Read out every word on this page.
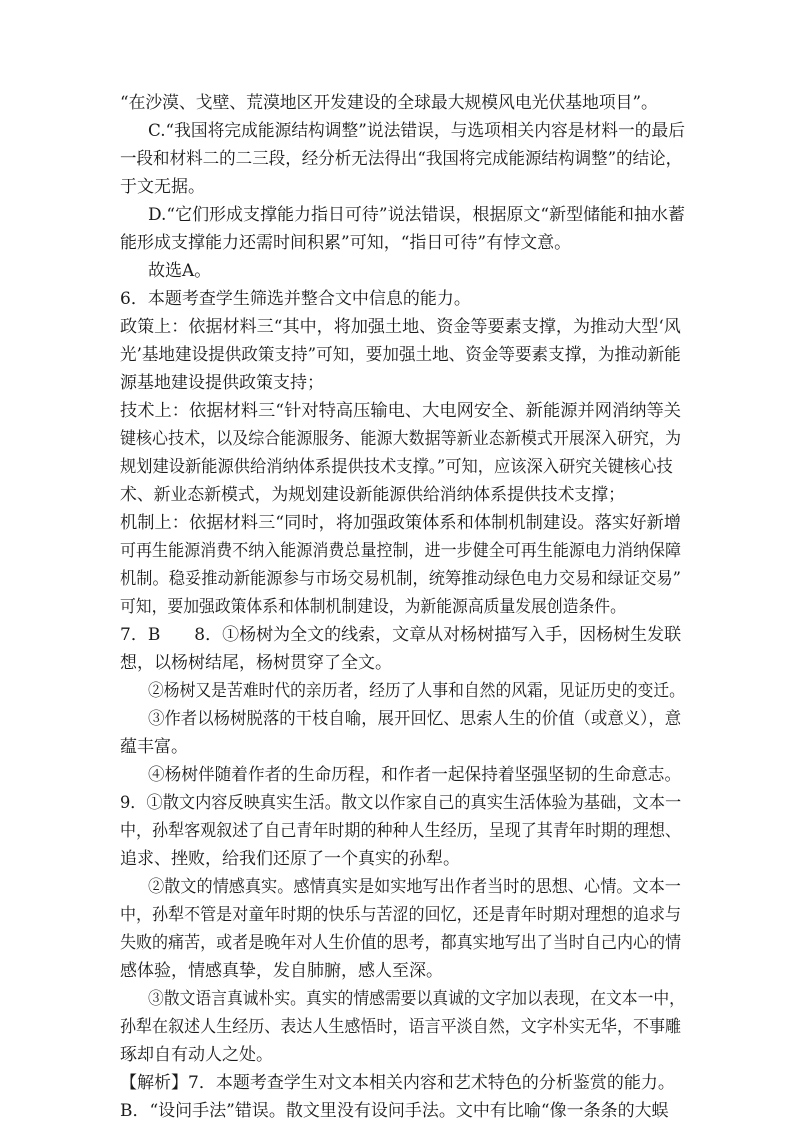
“在沙漠、戈壁、荒漠地区开发建设的全球最大规模风电光伏基地项目”。
C.“我国将完成能源结构调整”说法错误，与选项相关内容是材料一的最后
一段和材料二的二三段，经分析无法得出“我国将完成能源结构调整”的结论，
于文无据。
D.“它们形成支撑能力指日可待”说法错误，根据原文“新型储能和抽水蓄
能形成支撑能力还需时间积累”可知，“指日可待”有悖文意。
故选A。
6．本题考查学生筛选并整合文中信息的能力。
政策上：依据材料三“其中，将加强土地、资金等要素支撑，为推动大型‘风
光’基地建设提供政策支持”可知，要加强土地、资金等要素支撑，为推动新能
源基地建设提供政策支持；
技术上：依据材料三“针对特高压输电、大电网安全、新能源并网消纳等关
键核心技术，以及综合能源服务、能源大数据等新业态新模式开展深入研究，为
规划建设新能源供给消纳体系提供技术支撑。”可知，应该深入研究关键核心技
术、新业态新模式，为规划建设新能源供给消纳体系提供技术支撑；
机制上：依据材料三“同时，将加强政策体系和体制机制建设。落实好新增
可再生能源消费不纳入能源消费总量控制，进一步健全可再生能源电力消纳保障
机制。稳妥推动新能源参与市场交易机制，统筹推动绿色电力交易和绿证交易”
可知，要加强政策体系和体制机制建设，为新能源高质量发展创造条件。
7．B　　8．①杨树为全文的线索，文章从对杨树描写入手，因杨树生发联
想，以杨树结尾，杨树贯穿了全文。
②杨树又是苦难时代的亲历者，经历了人事和自然的风霜，见证历史的变迁。
③作者以杨树脱落的干枝自喻，展开回忆、思索人生的价值（或意义），意
蕴丰富。
④杨树伴随着作者的生命历程，和作者一起保持着坚强坚韧的生命意志。
9．①散文内容反映真实生活。散文以作家自己的真实生活体验为基础，文本一
中，孙犁客观叙述了自己青年时期的种种人生经历，呈现了其青年时期的理想、
追求、挫败，给我们还原了一个真实的孙犁。
②散文的情感真实。感情真实是如实地写出作者当时的思想、心情。文本一
中，孙犁不管是对童年时期的快乐与苦涩的回忆，还是青年时期对理想的追求与
失败的痛苦，或者是晚年对人生价值的思考，都真实地写出了当时自己内心的情
感体验，情感真挚，发自肺腑，感人至深。
③散文语言真诚朴实。真实的情感需要以真诚的文字加以表现，在文本一中，
孙犁在叙述人生经历、表达人生感悟时，语言平淡自然，文字朴实无华，不事雕
琢却自有动人之处。
【解析】7．本题考查学生对文本相关内容和艺术特色的分析鉴赏的能力。
B．“设问手法”错误。散文里没有设问手法。文中有比喻“像一条条的大蜈
